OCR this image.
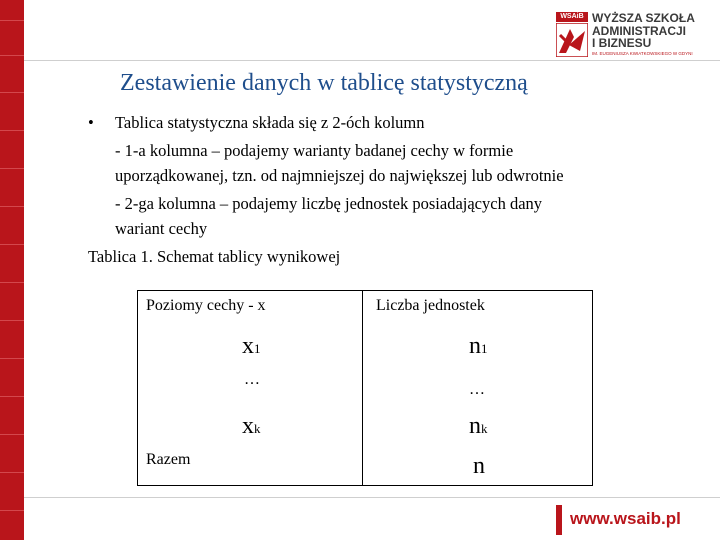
WSAiB WYŻSZA SZKOŁA
ADMINISTRACJI
I BIZNESU
IM. EUGENIUSZA KWIATKOWSKIEGO W GDYNI
Zestawienie danych w tablicę statystyczną
• Tablica statystyczna składa się z 2-óch kolumn
- 1-a kolumna – podajemy warianty badanej cechy w formie
uporządkowanej, tzn. od najmniejszej do największej lub odwrotnie
- 2-ga kolumna – podajemy liczbę jednostek posiadających dany
wariant cechy
Tablica 1. Schemat tablicy wynikowej
Poziomy cechy - x	Liczba jednostek
x1
…
xk
Razem
n1
…
nk
n
www.wsaib.pl
